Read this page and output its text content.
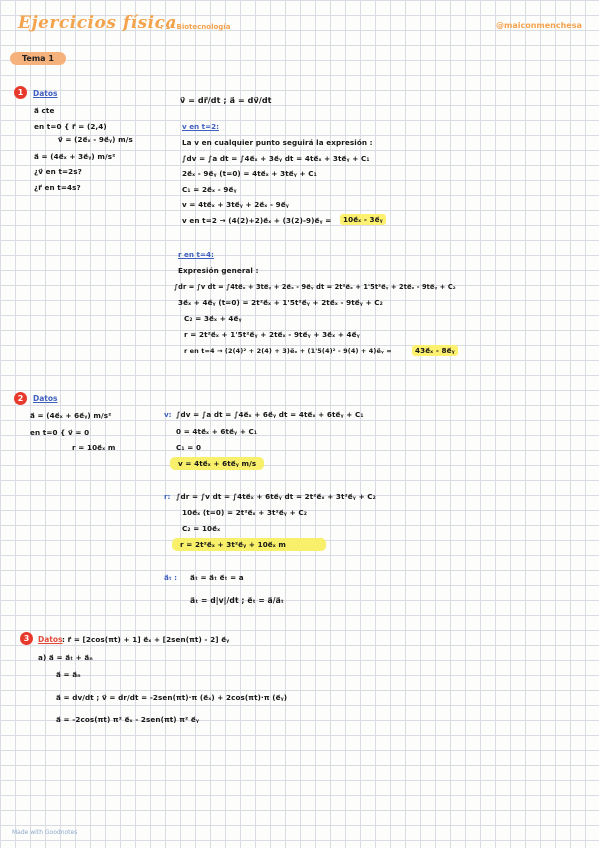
Ejercicios física
: 1º Biotecnología	@maiconmenchesa
Tema 1
1	Datos
a⃗ cte
en t=0 { r⃗ = (2,4)
v⃗ = (2e⃗ₓ - 9e⃗ᵧ) m/s
a⃗ = (4e⃗ₓ + 3e⃗ᵧ) m/s²
¿v⃗ en t=2s?
¿r⃗ en t=4s?
v⃗ = dr⃗/dt ; a⃗ = dv⃗/dt
v en t=2:
La v en cualquier punto seguirá la expresión :
∫dv = ∫a dt = ∫4e⃗ₓ + 3e⃗ᵧ dt = 4te⃗ₓ + 3te⃗ᵧ + C₁
2e⃗ₓ - 9e⃗ᵧ (t=0) = 4te⃗ₓ + 3te⃗ᵧ + C₁
C₁ = 2e⃗ₓ - 9e⃗ᵧ
v = 4te⃗ₓ + 3te⃗ᵧ + 2e⃗ₓ - 9e⃗ᵧ
v en t=2 → (4(2)+2)e⃗ₓ + (3(2)-9)e⃗ᵧ =	10e⃗ₓ - 3e⃗ᵧ
r en t=4:
Expresión general :
∫dr = ∫v dt = ∫4te⃗ₓ + 3te⃗ᵧ + 2e⃗ₓ - 9e⃗ᵧ dt = 2t²e⃗ₓ + 1'5t²e⃗ᵧ + 2te⃗ₓ - 9te⃗ᵧ + C₂
3e⃗ₓ + 4e⃗ᵧ (t=0) = 2t²e⃗ₓ + 1'5t²e⃗ᵧ + 2te⃗ₓ - 9te⃗ᵧ + C₂
C₂ = 3e⃗ₓ + 4e⃗ᵧ
r = 2t²e⃗ₓ + 1'5t²e⃗ᵧ + 2te⃗ₓ - 9te⃗ᵧ + 3e⃗ₓ + 4e⃗ᵧ
r en t=4 → (2(4)² + 2(4) + 3)e⃗ₓ + (1'5(4)² - 9(4) + 4)e⃗ᵧ =	43e⃗ₓ - 8e⃗ᵧ
2	Datos
a⃗ = (4e⃗ₓ + 6e⃗ᵧ) m/s²
en t=0 { v⃗ = 0
r = 10e⃗ₓ m
v: ∫dv = ∫a dt = ∫4e⃗ₓ + 6e⃗ᵧ dt = 4te⃗ₓ + 6te⃗ᵧ + C₁
0 = 4te⃗ₓ + 6te⃗ᵧ + C₁
C₁ = 0
v = 4te⃗ₓ + 6te⃗ᵧ m/s
r: ∫dr = ∫v dt = ∫4te⃗ₓ + 6te⃗ᵧ dt = 2t²e⃗ₓ + 3t²e⃗ᵧ + C₂
10e⃗ₓ (t=0) = 2t²e⃗ₓ + 3t²e⃗ᵧ + C₂
C₂ = 10e⃗ₓ
r = 2t²e⃗ₓ + 3t²e⃗ᵧ + 10e⃗ₓ m
a⃗ₜ : a⃗ₜ = a⃗ₜ e⃗ₜ = a
a⃗ₜ = d|v|/dt ; e⃗ₜ = a⃗/a⃗ₜ
3	Datos : r⃗ = [2cos(πt) + 1] e⃗ₓ + [2sen(πt) - 2] e⃗ᵧ
a) a⃗ = a⃗ₜ + a⃗ₙ
a⃗ = a⃗ₙ
a⃗ = dv/dt ; v⃗ = dr/dt = -2sen(πt)·π (e⃗ₓ) + 2cos(πt)·π (e⃗ᵧ)
a⃗ = -2cos(πt) π² e⃗ₓ - 2sen(πt) π² e⃗ᵧ
Made with Goodnotes
